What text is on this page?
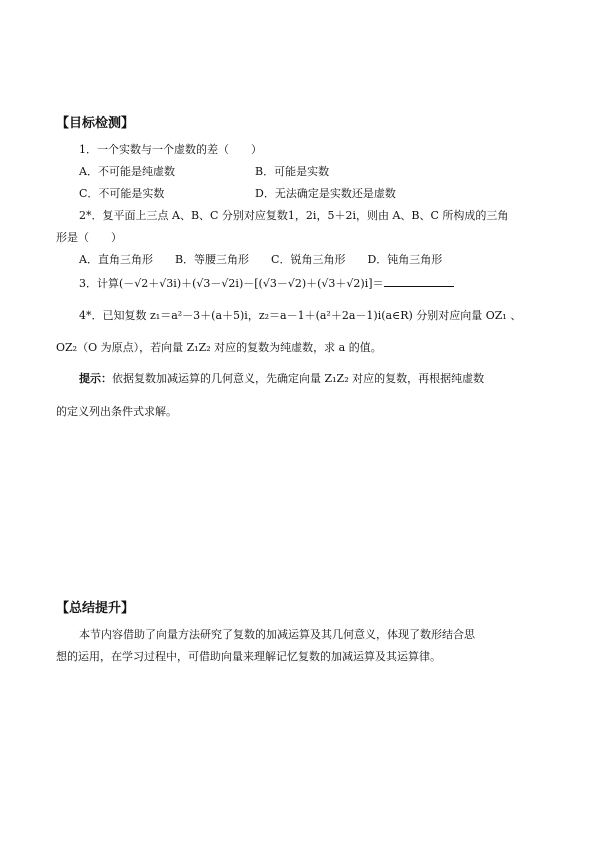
【目标检测】
1．一个实数与一个虚数的差（　　）
A．不可能是纯虚数	B．可能是实数
C．不可能是实数	D．无法确定是实数还是虚数
2*．复平面上三点 A、B、C 分别对应复数1，2i，5＋2i，则由 A、B、C 所构成的三角
形是（　　）
A．直角三角形　　B．等腰三角形　　C．锐角三角形　　D．钝角三角形
3．计算(－√2＋√3i)＋(√3－√2i)－[(√3－√2)＋(√3＋√2)i]＝
4*．已知复数 z₁＝a²－3＋(a＋5)i，z₂＝a－1＋(a²＋2a－1)i(a∈R) 分别对应向量 OZ₁ 、
OZ₂（O 为原点），若向量 Z₁Z₂ 对应的复数为纯虚数，求 a 的值。
提示：依据复数加减运算的几何意义，先确定向量 Z₁Z₂ 对应的复数，再根据纯虚数
的定义列出条件式求解。
【总结提升】
本节内容借助了向量方法研究了复数的加减运算及其几何意义，体现了数形结合思
想的运用，在学习过程中，可借助向量来理解记忆复数的加减运算及其运算律。
